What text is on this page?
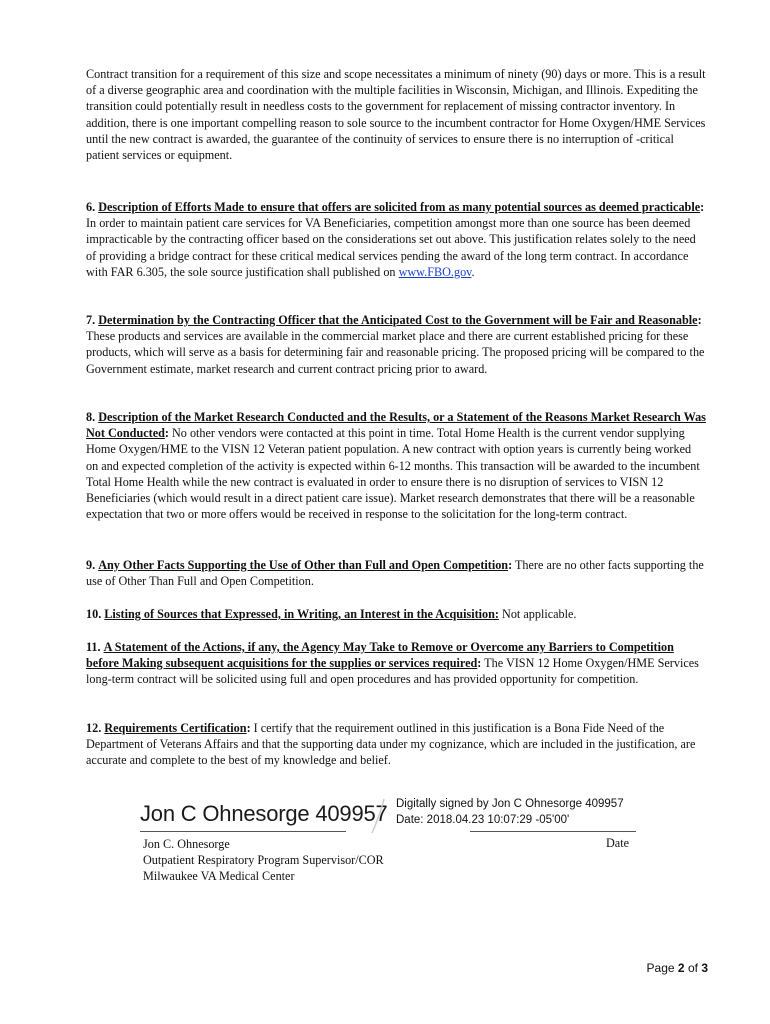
Contract transition for a requirement of this size and scope necessitates a minimum of ninety (90) days or more. This is a result of a diverse geographic area and coordination with the multiple facilities in Wisconsin, Michigan, and Illinois. Expediting the transition could potentially result in needless costs to the government for replacement of missing contractor inventory. In addition, there is one important compelling reason to sole source to the incumbent contractor for Home Oxygen/HME Services until the new contract is awarded, the guarantee of the continuity of services to ensure there is no interruption of -critical patient services or equipment.

6. Description of Efforts Made to ensure that offers are solicited from as many potential sources as deemed practicable: In order to maintain patient care services for VA Beneficiaries, competition amongst more than one source has been deemed impracticable by the contracting officer based on the considerations set out above. This justification relates solely to the need of providing a bridge contract for these critical medical services pending the award of the long term contract. In accordance with FAR 6.305, the sole source justification shall published on www.FBO.gov.

7. Determination by the Contracting Officer that the Anticipated Cost to the Government will be Fair and Reasonable: These products and services are available in the commercial market place and there are current established pricing for these products, which will serve as a basis for determining fair and reasonable pricing. The proposed pricing will be compared to the Government estimate, market research and current contract pricing prior to award.

8. Description of the Market Research Conducted and the Results, or a Statement of the Reasons Market Research Was Not Conducted: No other vendors were contacted at this point in time. Total Home Health is the current vendor supplying Home Oxygen/HME to the VISN 12 Veteran patient population. A new contract with option years is currently being worked on and expected completion of the activity is expected within 6-12 months. This transaction will be awarded to the incumbent Total Home Health while the new contract is evaluated in order to ensure there is no disruption of services to VISN 12 Beneficiaries (which would result in a direct patient care issue). Market research demonstrates that there will be a reasonable expectation that two or more offers would be received in response to the solicitation for the long-term contract.

9. Any Other Facts Supporting the Use of Other than Full and Open Competition: There are no other facts supporting the use of Other Than Full and Open Competition.

10. Listing of Sources that Expressed, in Writing, an Interest in the Acquisition: Not applicable.

11. A Statement of the Actions, if any, the Agency May Take to Remove or Overcome any Barriers to Competition before Making subsequent acquisitions for the supplies or services required: The VISN 12 Home Oxygen/HME Services long-term contract will be solicited using full and open procedures and has provided opportunity for competition.

12. Requirements Certification: I certify that the requirement outlined in this justification is a Bona Fide Need of the Department of Veterans Affairs and that the supporting data under my cognizance, which are included in the justification, are accurate and complete to the best of my knowledge and belief.

Jon C Ohnesorge 409957 Digitally signed by Jon C Ohnesorge 409957
Date: 2018.04.23 10:07:29 -05'00'
Jon C. Ohnesorge
Outpatient Respiratory Program Supervisor/COR
Milwaukee VA Medical Center
Date
Page 2 of 3
